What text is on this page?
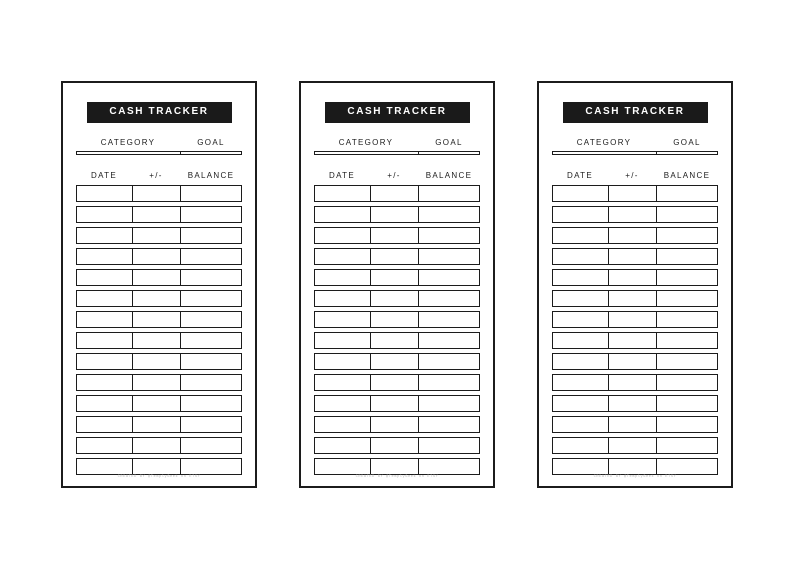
CASH TRACKER
CATEGORY	GOAL
DATE	+/-	BALANCE
CREATED BY @TemplyGeek on ETSY
CASH TRACKER
CATEGORY	GOAL
DATE	+/-	BALANCE
CREATED BY @TemplyGeek on ETSY
CASH TRACKER
CATEGORY	GOAL
DATE	+/-	BALANCE
CREATED BY @TemplyGeek on ETSY
